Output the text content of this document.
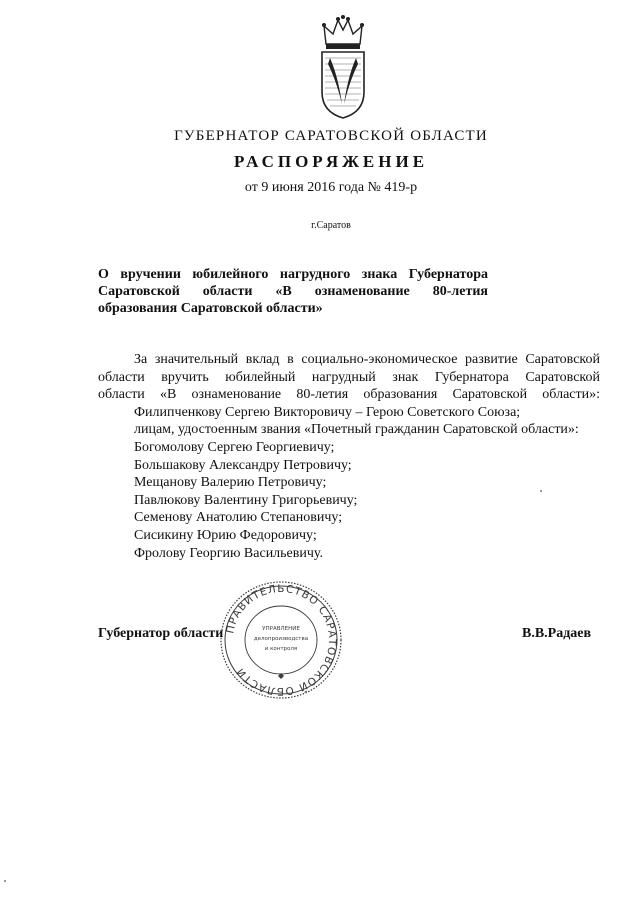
ГУБЕРНАТОР САРАТОВСКОЙ ОБЛАСТИ
РАСПОРЯЖЕНИЕ
от 9 июня 2016 года № 419-р
г.Саратов
О вручении юбилейного нагрудного знака Губернатора
Саратовской области «В ознаменование 80-летия
образования Саратовской области»
За значительный вклад в социально-экономическое развитие Саратовской
области вручить юбилейный нагрудный знак Губернатора Саратовской
области «В ознаменование 80-летия образования Саратовской области»:
Филипченкову Сергею Викторовичу – Герою Советского Союза;
лицам, удостоенным звания «Почетный гражданин Саратовской области»:
Богомолову Сергею Георгиевичу;
Большакову Александру Петровичу;
Мещанову Валерию Петровичу;
Павлюкову Валентину Григорьевичу;
Семенову Анатолию Степановичу;
Сисикину Юрию Федоровичу;
Фролову Георгию Васильевичу.
ПРАВИТЕЛЬСТВО САРАТОВСКОЙ ОБЛАСТИ
УПРАВЛЕНИЕ
делопроизводства
и контроля
Губернатор области	В.В.Радаев
